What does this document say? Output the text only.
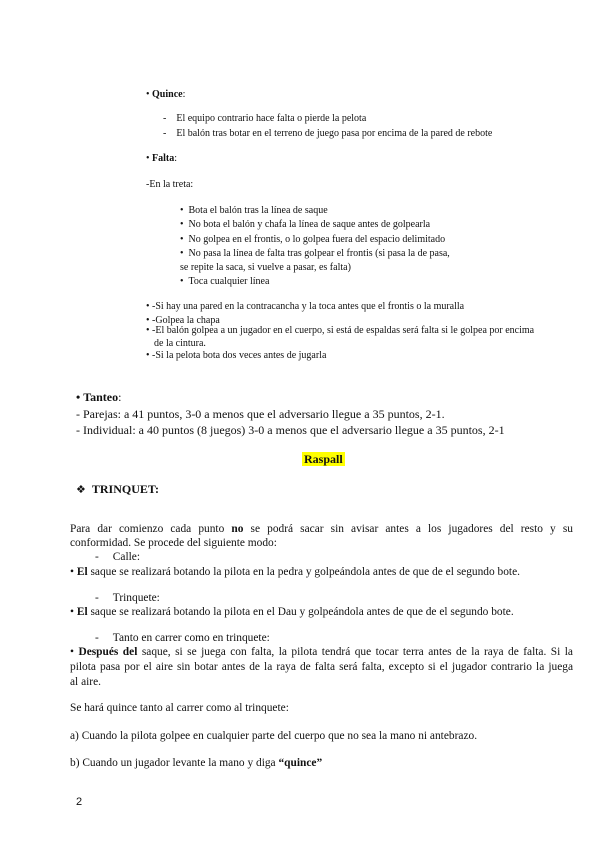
• Quince:
- El equipo contrario hace falta o pierde la pelota
- El balón tras botar en el terreno de juego pasa por encima de la pared de rebote
• Falta:
-En la treta:
• Bota el balón tras la línea de saque
• No bota el balón y chafa la línea de saque antes de golpearla
• No golpea en el frontis, o lo golpea fuera del espacio delimitado
• No pasa la línea de falta tras golpear el frontis (si pasa la de pasa,
se repite la saca, si vuelve a pasar, es falta)
• Toca cualquier línea
• -Si hay una pared en la contracancha y la toca antes que el frontis o la muralla
• -Golpea la chapa
• -El balón golpea a un jugador en el cuerpo, si está de espaldas será falta si le golpea por encima
de la cintura.
• -Si la pelota bota dos veces antes de jugarla
• Tanteo:
- Parejas: a 41 puntos, 3-0 a menos que el adversario llegue a 35 puntos, 2-1.
- Individual: a 40 puntos (8 juegos) 3-0 a menos que el adversario llegue a 35 puntos, 2-1
Raspall
❖ TRINQUET:
Para dar comienzo cada punto no se podrá sacar sin avisar antes a los jugadores del resto y su
conformidad. Se procede del siguiente modo:
- Calle:
• El saque se realizará botando la pilota en la pedra y golpeándola antes de que de el segundo bote.
- Trinquete:
• El saque se realizará botando la pilota en el Dau y golpeándola antes de que de el segundo bote.
- Tanto en carrer como en trinquete:
• Después del saque, si se juega con falta, la pilota tendrá que tocar terra antes de la raya de falta. Si la
pilota pasa por el aire sin botar antes de la raya de falta será falta, excepto si el jugador contrario la juega
al aire.
Se hará quince tanto al carrer como al trinquete:
a) Cuando la pilota golpee en cualquier parte del cuerpo que no sea la mano ni antebrazo.
b) Cuando un jugador levante la mano y diga “quince”
2
